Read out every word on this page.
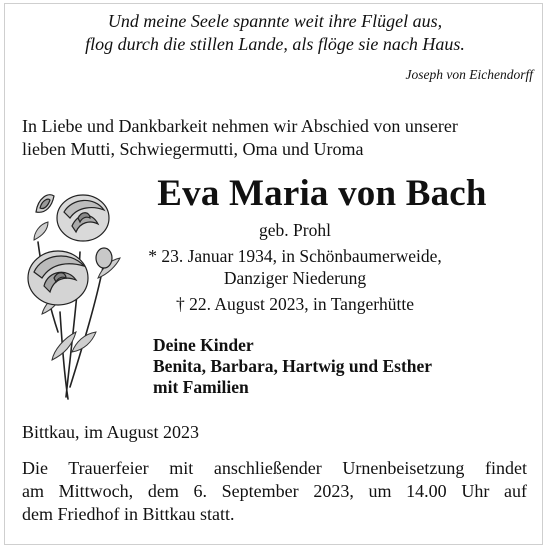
Und meine Seele spannte weit ihre Flügel aus,
flog durch die stillen Lande, als flöge sie nach Haus.
Joseph von Eichendorff
In Liebe und Dankbarkeit nehmen wir Abschied von unserer
lieben Mutti, Schwiegermutti, Oma und Uroma
Eva Maria von Bach
geb. Prohl
* 23. Januar 1934, in Schönbaumerweide,
Danziger Niederung
† 22. August 2023, in Tangerhütte
Deine Kinder
Benita, Barbara, Hartwig und Esther
mit Familien
Bittkau, im August 2023
Die Trauerfeier mit anschließender Urnenbeisetzung findet
am Mittwoch, dem 6. September 2023, um 14.00 Uhr auf
dem Friedhof in Bittkau statt.
